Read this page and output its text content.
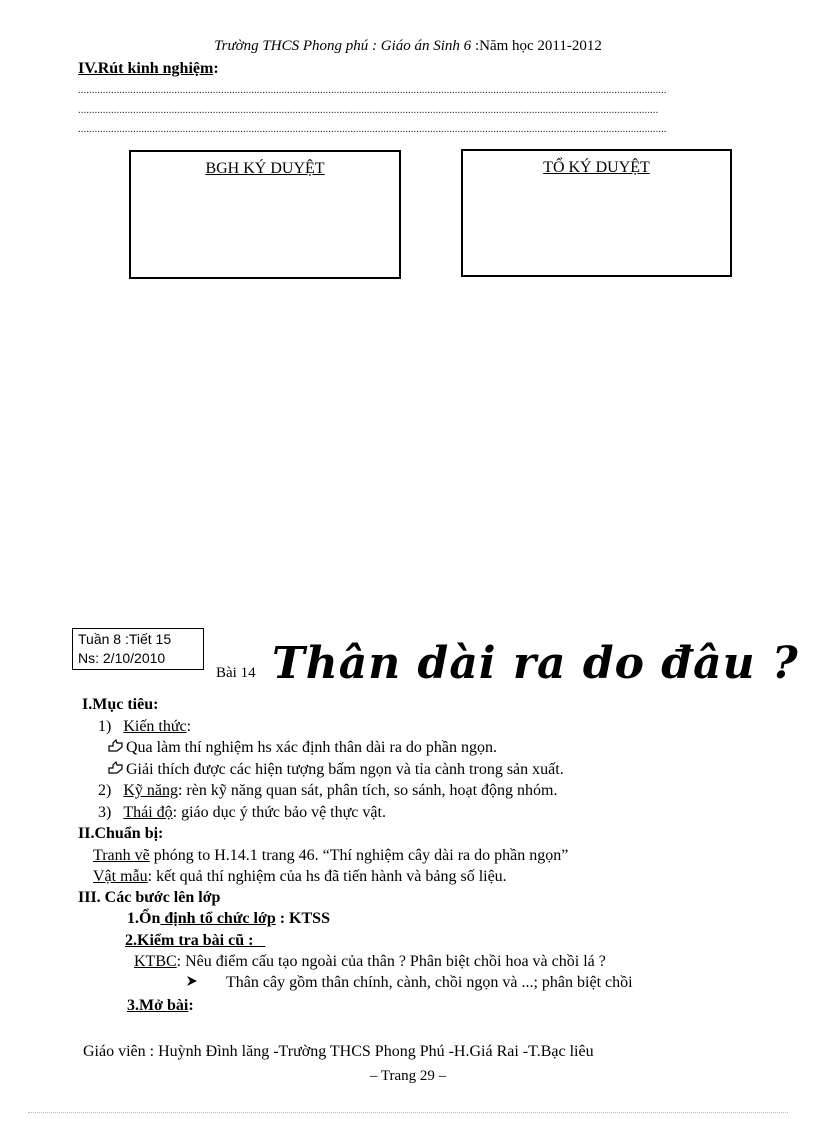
Trường THCS Phong phú : Giáo án Sinh 6 :Năm học 2011-2012
IV.Rút kinh nghiệm:
......................................................................................................................................................................................................................
...................................................................................................................................................................................................................
......................................................................................................................................................................................................................
BGH KÝ DUYỆT	TỔ KÝ DUYỆT
Tuần 8 :Tiết 15
Ns: 2/10/2010
Bài 14 Thân dài ra do đâu ?
I.Mục tiêu:
1) Kiến thức:
Qua làm thí nghiệm hs xác định thân dài ra do phần ngọn.
Giải thích được các hiện tượng bấm ngọn và tỉa cành trong sản xuất.
2) Kỹ năng: rèn kỹ năng quan sát, phân tích, so sánh, hoạt động nhóm.
3) Thái độ: giáo dục ý thức bảo vệ thực vật.
II.Chuẩn bị:
Tranh vẽ phóng to H.14.1 trang 46. “Thí nghiệm cây dài ra do phần ngọn”
Vật mẫu: kết quả thí nghiệm của hs đã tiến hành và bảng số liệu.
III. Các bước lên lớp
1.Ổn định tổ chức lớp : KTSS
2.Kiểm tra bài cũ :
KTBC: Nêu điểm cấu tạo ngoài của thân ? Phân biệt chồi hoa và chồi lá ?
Thân cây gồm thân chính, cành, chồi ngọn và ...; phân biệt chồi
3.Mở bài:
Giáo viên : Huỳnh Đình lăng -Trường THCS Phong Phú -H.Giá Rai -T.Bạc liêu
– Trang 29 –
